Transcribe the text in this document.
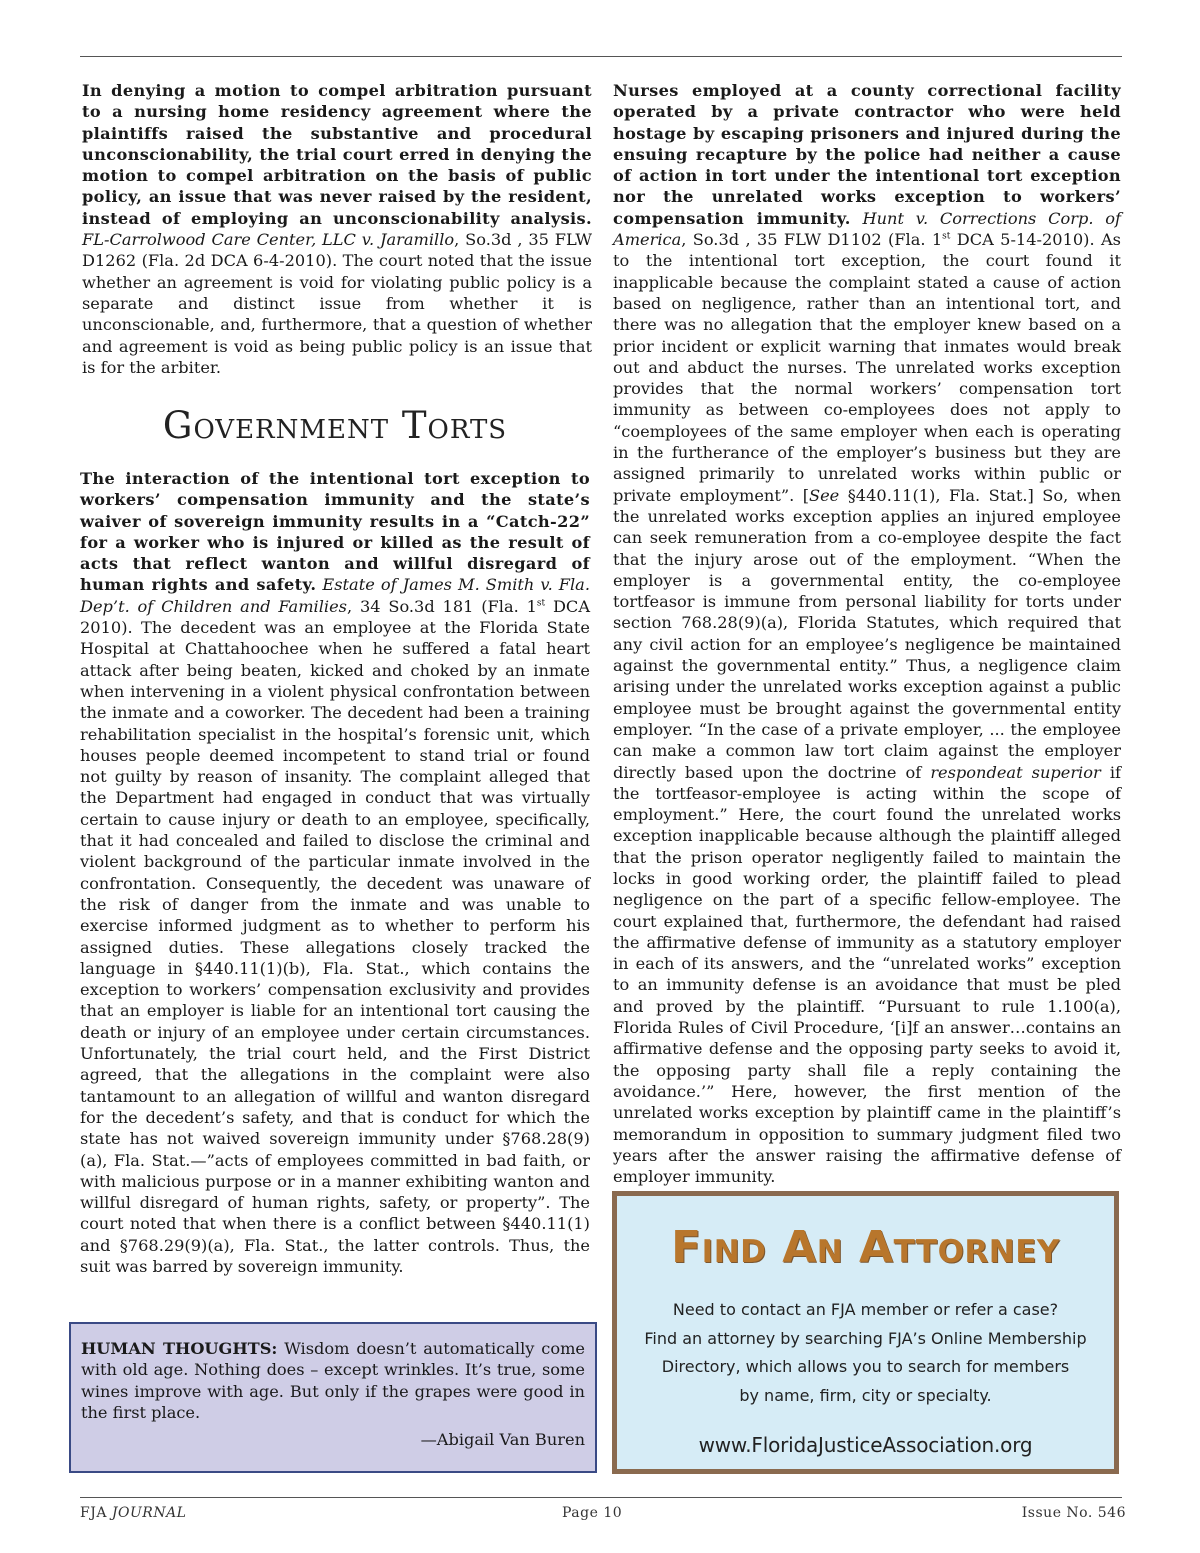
In denying a motion to compel arbitration pursuant to a nursing home residency agreement where the plaintiffs raised the substantive and procedural unconscionability, the trial court erred in denying the motion to compel arbitration on the basis of public policy, an issue that was never raised by the resident, instead of employing an unconscionability analysis. FL-Carrolwood Care Center, LLC v. Jaramillo, So.3d , 35 FLW D1262 (Fla. 2d DCA 6-4-2010). The court noted that the issue whether an agreement is void for violating public policy is a separate and distinct issue from whether it is unconscionable, and, furthermore, that a question of whether and agreement is void as being public policy is an issue that is for the arbiter.

Government Torts

The interaction of the intentional tort exception to workers’ compensation immunity and the state’s waiver of sovereign immunity results in a “Catch-22” for a worker who is injured or killed as the result of acts that reflect wanton and willful disregard of human rights and safety. Estate of James M. Smith v. Fla. Dep’t. of Children and Families, 34 So.3d 181 (Fla. 1st DCA 2010). The decedent was an employee at the Florida State Hospital at Chattahoochee when he suffered a fatal heart attack after being beaten, kicked and choked by an inmate when intervening in a violent physical confrontation between the inmate and a coworker. The decedent had been a training rehabilitation specialist in the hospital’s forensic unit, which houses people deemed incompetent to stand trial or found not guilty by reason of insanity. The complaint alleged that the Department had engaged in conduct that was virtually certain to cause injury or death to an employee, specifically, that it had concealed and failed to disclose the criminal and violent background of the particular inmate involved in the confrontation. Consequently, the decedent was unaware of the risk of danger from the inmate and was unable to exercise informed judgment as to whether to perform his assigned duties. These allegations closely tracked the language in §440.11(1)(b), Fla. Stat., which contains the exception to workers’ compensation exclusivity and provides that an employer is liable for an intentional tort causing the death or injury of an employee under certain circumstances. Unfortunately, the trial court held, and the First District agreed, that the allegations in the complaint were also tantamount to an allegation of willful and wanton disregard for the decedent’s safety, and that is conduct for which the state has not waived sovereign immunity under §768.28(9)(a), Fla. Stat.—”acts of employees committed in bad faith, or with malicious purpose or in a manner exhibiting wanton and willful disregard of human rights, safety, or property”. The court noted that when there is a conflict between §440.11(1) and §768.29(9)(a), Fla. Stat., the latter controls. Thus, the suit was barred by sovereign immunity.

HUMAN THOUGHTS: Wisdom doesn’t automatically come with old age. Nothing does – except wrinkles. It’s true, some wines improve with age. But only if the grapes were good in the first place.
—Abigail Van Buren

Nurses employed at a county correctional facility operated by a private contractor who were held hostage by escaping prisoners and injured during the ensuing recapture by the police had neither a cause of action in tort under the intentional tort exception nor the unrelated works exception to workers’ compensation immunity. Hunt v. Corrections Corp. of America, So.3d , 35 FLW D1102 (Fla. 1st DCA 5-14-2010). As to the intentional tort exception, the court found it inapplicable because the complaint stated a cause of action based on negligence, rather than an intentional tort, and there was no allegation that the employer knew based on a prior incident or explicit warning that inmates would break out and abduct the nurses. The unrelated works exception provides that the normal workers’ compensation tort immunity as between co-employees does not apply to “coemployees of the same employer when each is operating in the furtherance of the employer’s business but they are assigned primarily to unrelated works within public or private employment”. [See §440.11(1), Fla. Stat.] So, when the unrelated works exception applies an injured employee can seek remuneration from a co-employee despite the fact that the injury arose out of the employment. “When the employer is a governmental entity, the co-employee tortfeasor is immune from personal liability for torts under section 768.28(9)(a), Florida Statutes, which required that any civil action for an employee’s negligence be maintained against the governmental entity.” Thus, a negligence claim arising under the unrelated works exception against a public employee must be brought against the governmental entity employer. “In the case of a private employer, ... the employee can make a common law tort claim against the employer directly based upon the doctrine of respondeat superior if the tortfeasor-employee is acting within the scope of employment.” Here, the court found the unrelated works exception inapplicable because although the plaintiff alleged that the prison operator negligently failed to maintain the locks in good working order, the plaintiff failed to plead negligence on the part of a specific fellow-employee. The court explained that, furthermore, the defendant had raised the affirmative defense of immunity as a statutory employer in each of its answers, and the “unrelated works” exception to an immunity defense is an avoidance that must be pled and proved by the plaintiff. “Pursuant to rule 1.100(a), Florida Rules of Civil Procedure, ‘[i]f an answer…contains an affirmative defense and the opposing party seeks to avoid it, the opposing party shall file a reply containing the avoidance.’” Here, however, the first mention of the unrelated works exception by plaintiff came in the plaintiff’s memorandum in opposition to summary judgment filed two years after the answer raising the affirmative defense of employer immunity.

Find An Attorney
Need to contact an FJA member or refer a case?
Find an attorney by searching FJA’s Online Membership
Directory, which allows you to search for members
by name, firm, city or specialty.
www.FloridaJusticeAssociation.org
FJA JOURNAL	Page 10	Issue No. 546
